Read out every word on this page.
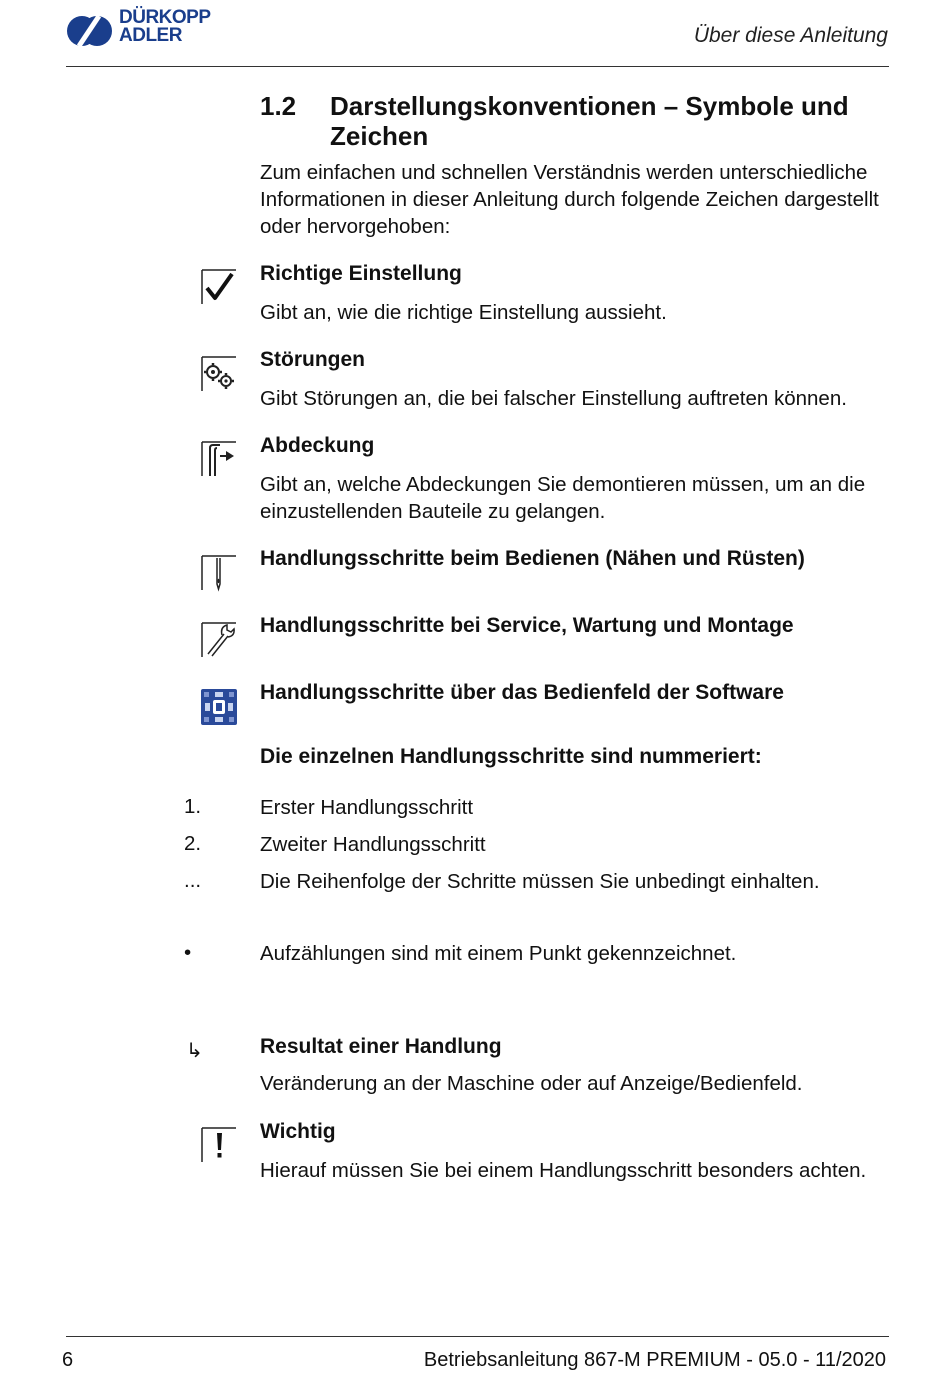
DÜRKOPP
ADLER	Über diese Anleitung
1.2 Darstellungskonventionen – Symbole und Zeichen
Zum einfachen und schnellen Verständnis werden unterschiedliche Informationen in dieser Anleitung durch folgende Zeichen dargestellt oder hervorgehoben:
Richtige Einstellung
Gibt an, wie die richtige Einstellung aussieht.
Störungen
Gibt Störungen an, die bei falscher Einstellung auftreten können.
Abdeckung
Gibt an, welche Abdeckungen Sie demontieren müssen, um an die einzustellenden Bauteile zu gelangen.
Handlungsschritte beim Bedienen (Nähen und Rüsten)
Handlungsschritte bei Service, Wartung und Montage
Handlungsschritte über das Bedienfeld der Software
Die einzelnen Handlungsschritte sind nummeriert:
1.	Erster Handlungsschritt
2.	Zweiter Handlungsschritt
...	Die Reihenfolge der Schritte müssen Sie unbedingt einhalten.
•	Aufzählungen sind mit einem Punkt gekennzeichnet.
↳	Resultat einer Handlung
Veränderung an der Maschine oder auf Anzeige/Bedienfeld.
Wichtig
Hierauf müssen Sie bei einem Handlungsschritt besonders achten.
6	Betriebsanleitung 867-M PREMIUM - 05.0 - 11/2020
